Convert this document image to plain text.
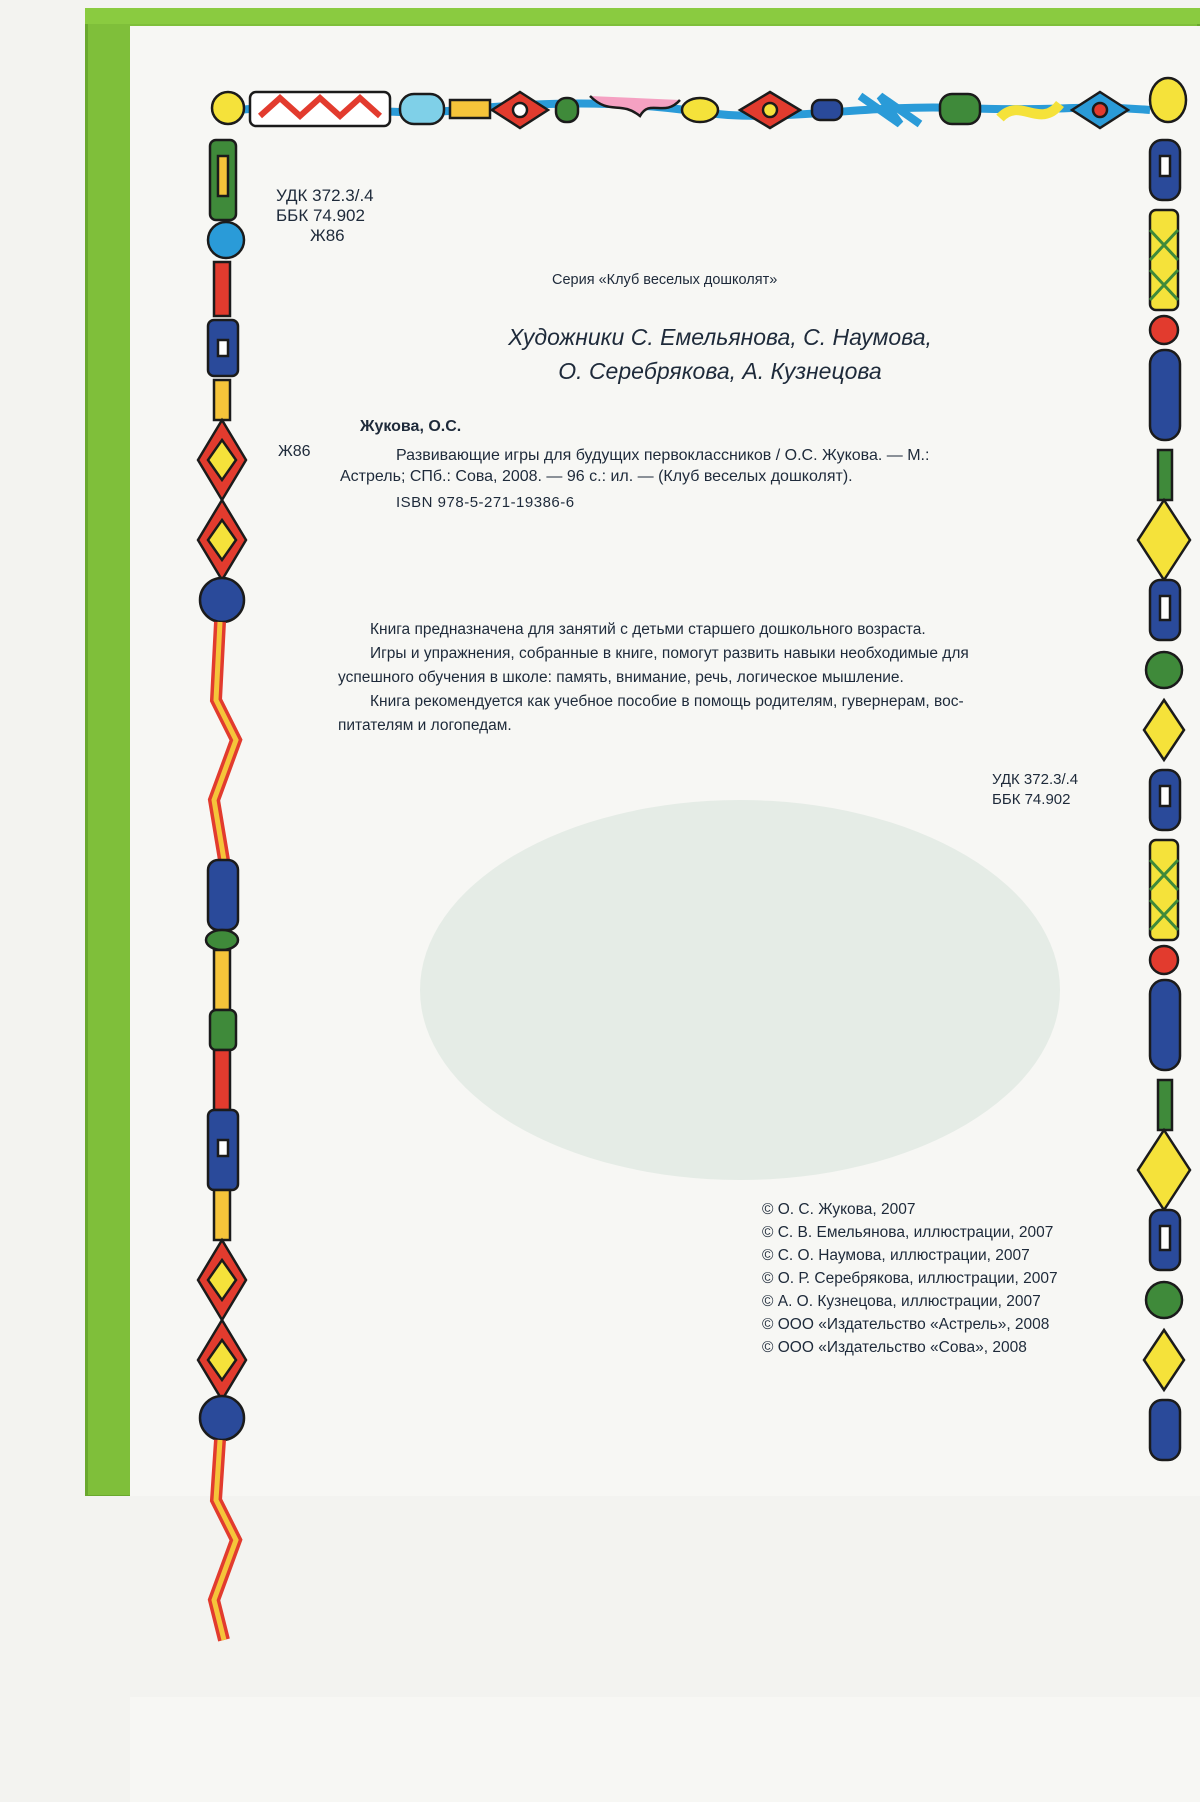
УДК 372.3/.4
ББК 74.902
Ж86
Серия «Клуб веселых дошколят»
Художники С. Емельянова, С. Наумова,
О. Серебрякова, А. Кузнецова
Жукова, О.С.
Ж86	Развивающие игры для будущих первоклассников / О.С. Жукова. — М.:
Астрель; СПб.: Сова, 2008. — 96 с.: ил. — (Клуб веселых дошколят).
ISBN 978-5-271-19386-6

Книга предназначена для занятий с детьми старшего дошкольного возраста.

Игры и упражнения, собранные в книге, помогут развить навыки необходимые для

успешного обучения в школе: память, внимание, речь, логическое мышление.

Книга рекомендуется как учебное пособие в помощь родителям, гувернерам, вос-

питателям и логопедам.

УДК 372.3/.4
ББК 74.902
© О. С. Жукова, 2007
© С. В. Емельянова, иллюстрации, 2007
© С. О. Наумова, иллюстрации, 2007
© О. Р. Серебрякова, иллюстрации, 2007
© А. О. Кузнецова, иллюстрации, 2007
© ООО «Издательство «Астрель», 2008
© ООО «Издательство «Сова», 2008
